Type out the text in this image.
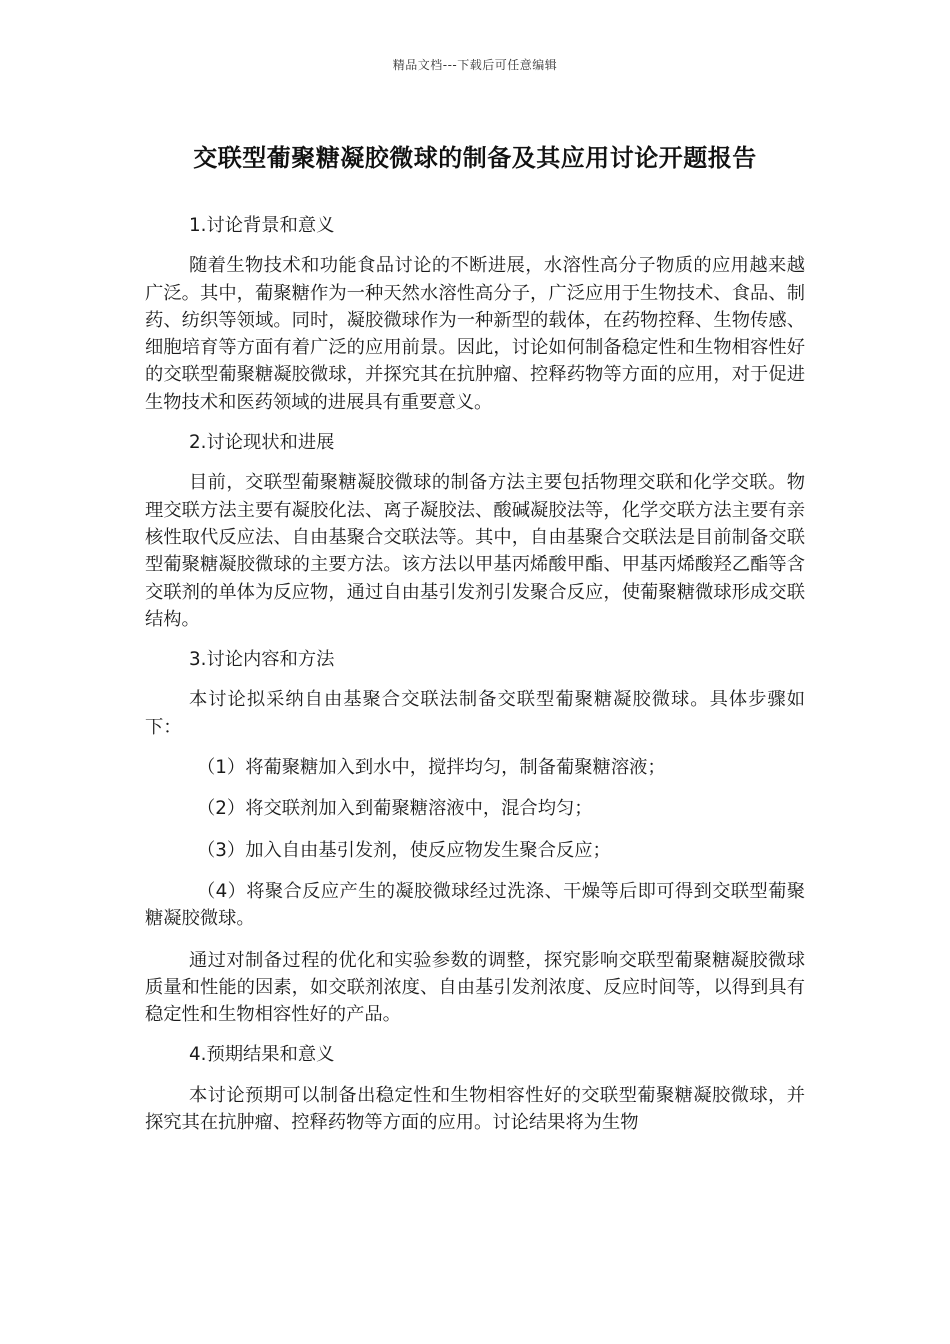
精品文档---下载后可任意编辑
交联型葡聚糖凝胶微球的制备及其应用讨论开题报告

1.讨论背景和意义

随着生物技术和功能食品讨论的不断进展，水溶性高分子物质的应用越来越广泛。其中，葡聚糖作为一种天然水溶性高分子，广泛应用于生物技术、食品、制药、纺织等领域。同时，凝胶微球作为一种新型的载体，在药物控释、生物传感、细胞培育等方面有着广泛的应用前景。因此，讨论如何制备稳定性和生物相容性好的交联型葡聚糖凝胶微球，并探究其在抗肿瘤、控释药物等方面的应用，对于促进生物技术和医药领域的进展具有重要意义。

2.讨论现状和进展

目前，交联型葡聚糖凝胶微球的制备方法主要包括物理交联和化学交联。物理交联方法主要有凝胶化法、离子凝胶法、酸碱凝胶法等，化学交联方法主要有亲核性取代反应法、自由基聚合交联法等。其中，自由基聚合交联法是目前制备交联型葡聚糖凝胶微球的主要方法。该方法以甲基丙烯酸甲酯、甲基丙烯酸羟乙酯等含交联剂的单体为反应物，通过自由基引发剂引发聚合反应，使葡聚糖微球形成交联结构。

3.讨论内容和方法

本讨论拟采纳自由基聚合交联法制备交联型葡聚糖凝胶微球。具体步骤如下：

（1）将葡聚糖加入到水中，搅拌均匀，制备葡聚糖溶液；

（2）将交联剂加入到葡聚糖溶液中，混合均匀；

（3）加入自由基引发剂，使反应物发生聚合反应；

（4）将聚合反应产生的凝胶微球经过洗涤、干燥等后即可得到交联型葡聚糖凝胶微球。

通过对制备过程的优化和实验参数的调整，探究影响交联型葡聚糖凝胶微球质量和性能的因素，如交联剂浓度、自由基引发剂浓度、反应时间等，以得到具有稳定性和生物相容性好的产品。

4.预期结果和意义

本讨论预期可以制备出稳定性和生物相容性好的交联型葡聚糖凝胶微球，并探究其在抗肿瘤、控释药物等方面的应用。讨论结果将为生物
